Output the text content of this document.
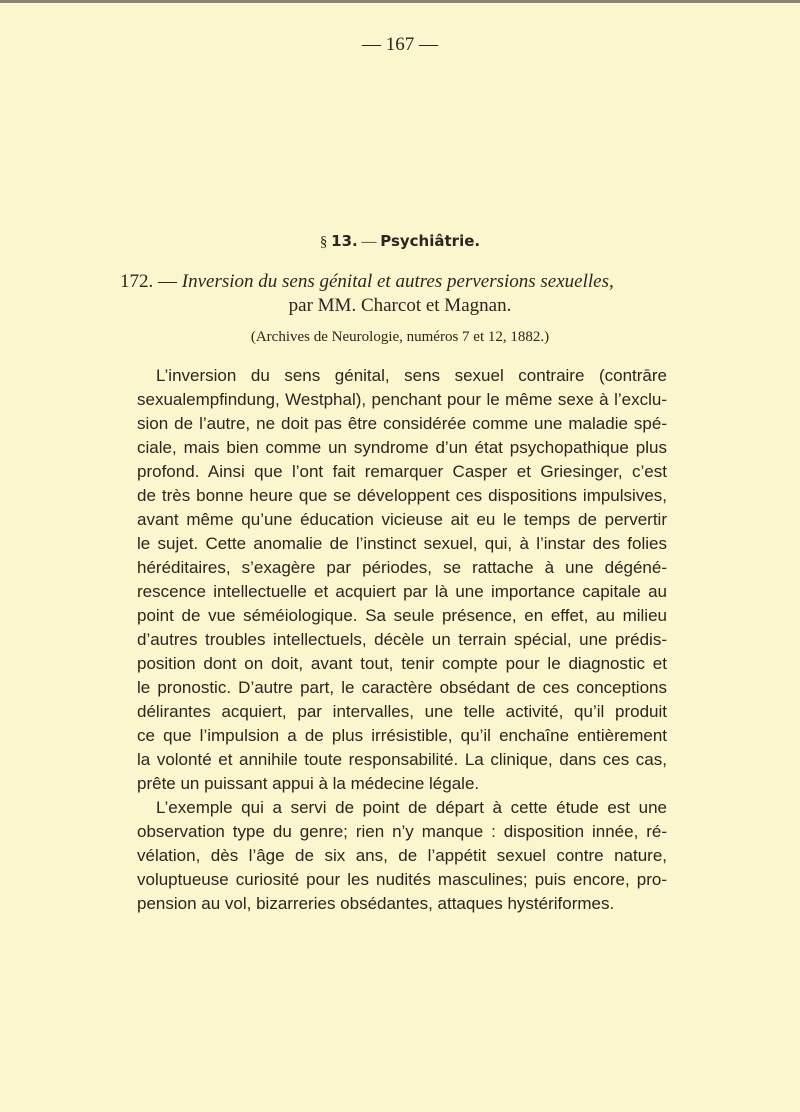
— 167 —
§ 13. — Psychiâtrie.
172. — Inversion du sens génital et autres perversions sexuelles,
par MM. Charcot et Magnan.
(Archives de Neurologie, numéros 7 et 12, 1882.)
L’inversion du sens génital, sens sexuel contraire (contrāre
sexualempfindung, Westphal), penchant pour le même sexe à l’exclu-
sion de l’autre, ne doit pas être considérée comme une maladie spé-
ciale, mais bien comme un syndrome d’un état psychopathique plus
profond. Ainsi que l’ont fait remarquer Casper et Griesinger, c’est
de très bonne heure que se développent ces dispositions impulsives,
avant même qu’une éducation vicieuse ait eu le temps de pervertir
le sujet. Cette anomalie de l’instinct sexuel, qui, à l’instar des folies
héréditaires, s’exagère par périodes, se rattache à une dégéné-
rescence intellectuelle et acquiert par là une importance capitale au
point de vue séméiologique. Sa seule présence, en effet, au milieu
d’autres troubles intellectuels, décèle un terrain spécial, une prédis-
position dont on doit, avant tout, tenir compte pour le diagnostic et
le pronostic. D’autre part, le caractère obsédant de ces conceptions
délirantes acquiert, par intervalles, une telle activité, qu’il produit
ce que l’impulsion a de plus irrésistible, qu’il enchaîne entièrement
la volonté et annihile toute responsabilité. La clinique, dans ces cas,
prête un puissant appui à la médecine légale.
L’exemple qui a servi de point de départ à cette étude est une
observation type du genre; rien n’y manque : disposition innée, ré-
vélation, dès l’âge de six ans, de l’appétit sexuel contre nature,
voluptueuse curiosité pour les nudités masculines; puis encore, pro-
pension au vol, bizarreries obsédantes, attaques hystériformes.
